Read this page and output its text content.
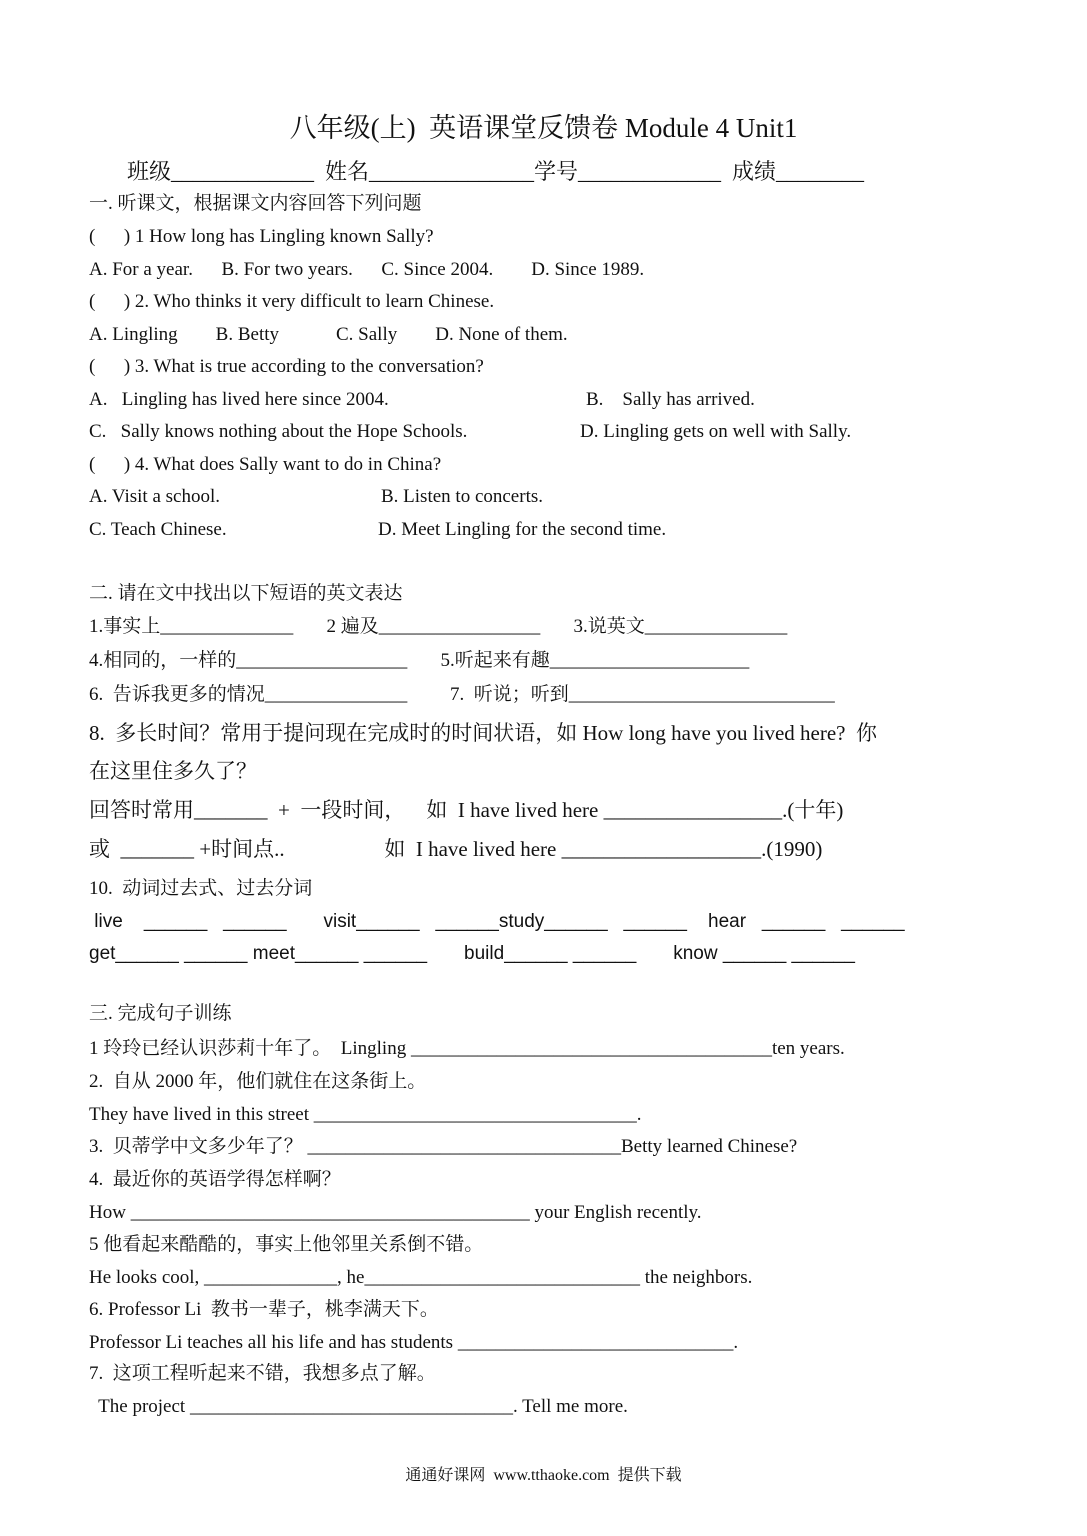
八年级(上)  英语课堂反馈卷 Module 4 Unit1
班级_____________  姓名_______________学号_____________  成绩________
一. 听课文，根据课文内容回答下列问题
(      ) 1 How long has Lingling known Sally?
A. For a year.      B. For two years.      C. Since 2004.        D. Since 1989.
(      ) 2. Who thinks it very difficult to learn Chinese.
A. Lingling        B. Betty            C. Sally        D. None of them.
(      ) 3. What is true according to the conversation?
A.   Lingling has lived here since 2004.	B.    Sally has arrived.
C.   Sally knows nothing about the Hope Schools.	D. Lingling gets on well with Sally.
(      ) 4. What does Sally want to do in China?
A. Visit a school.	B. Listen to concerts.
C. Teach Chinese.	D. Meet Lingling for the second time.
二. 请在文中找出以下短语的英文表达
1.事实上______________       2 遍及_________________       3.说英文_______________
4.相同的，一样的__________________       5.听起来有趣_____________________
6.  告诉我更多的情况_______________         7.  听说；听到____________________________
8.  多长时间？常用于提问现在完成时的时间状语，如 How long have you lived here?  你
在这里住多久了？
回答时常用_______  +  一段时间，    如  I have lived here _________________.(十年)
或  _______ +时间点..                   如  I have lived here ___________________.(1990)
10.  动词过去式、过去分词
live    ______   ______       visit______   ______study______   ______    hear   ______   ______
get______ ______ meet______ ______       build______ ______       know ______ ______
三. 完成句子训练
1 玲玲已经认识莎莉十年了。  Lingling ______________________________________ten years.
2.  自从 2000 年，他们就住在这条街上。
They have lived in this street __________________________________.
3.  贝蒂学中文多少年了？ _________________________________Betty learned Chinese?
4.  最近你的英语学得怎样啊？
How __________________________________________ your English recently.
5 他看起来酷酷的，事实上他邻里关系倒不错。
He looks cool, ______________, he_____________________________ the neighbors.
6. Professor Li  教书一辈子，桃李满天下。
Professor Li teaches all his life and has students _____________________________.
7.  这项工程听起来不错，我想多点了解。
The project __________________________________. Tell me more.
通通好课网  www.tthaoke.com  提供下载
